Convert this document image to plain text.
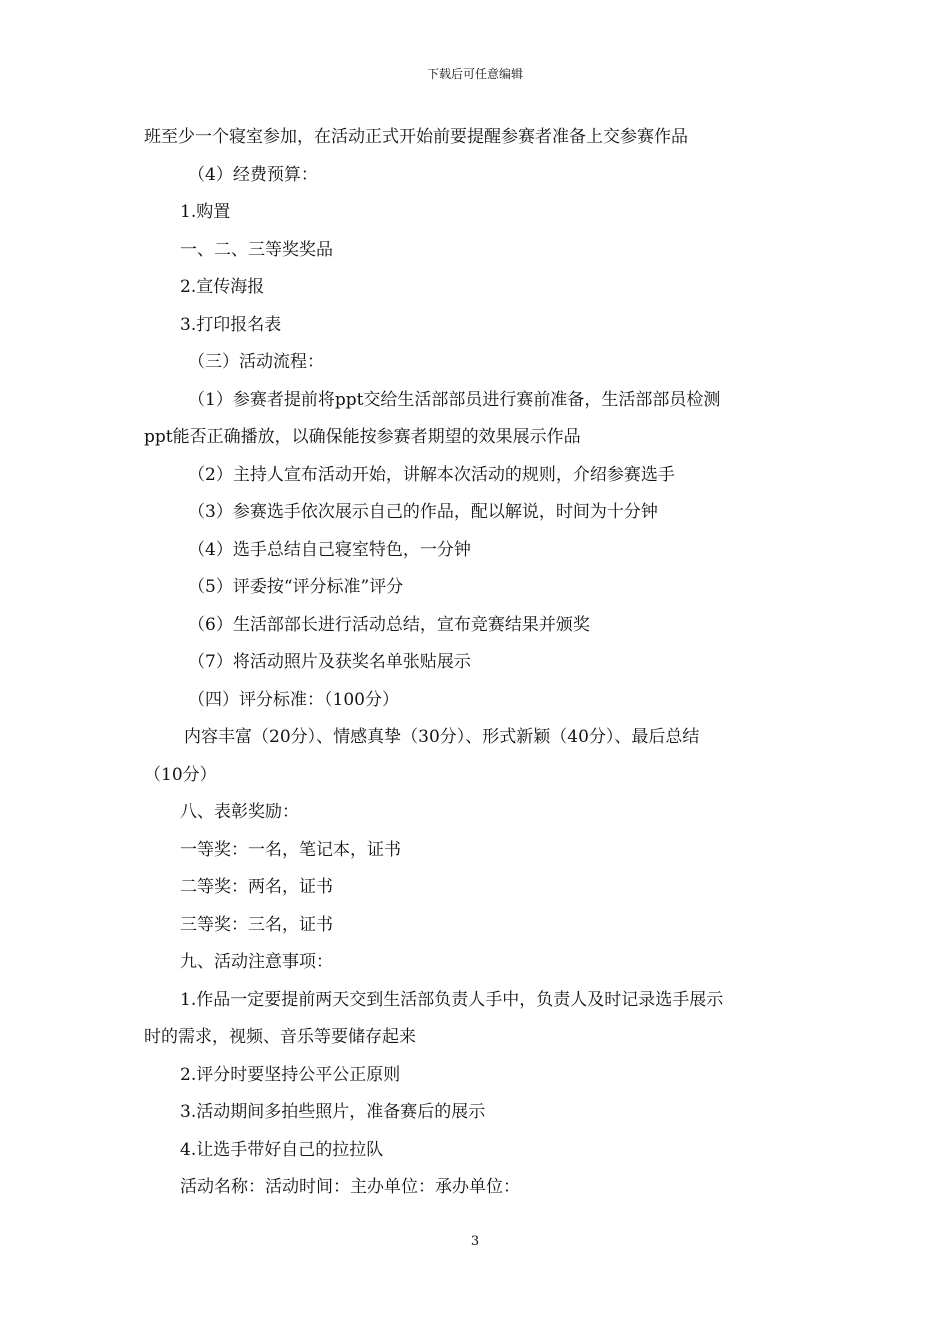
下载后可任意编辑
班至少一个寝室参加，在活动正式开始前要提醒参赛者准备上交参赛作品
（4）经费预算：
1.购置
一、二、三等奖奖品
2.宣传海报
3.打印报名表
（三）活动流程：
（1）参赛者提前将ppt交给生活部部员进行赛前准备，生活部部员检测
ppt能否正确播放，以确保能按参赛者期望的效果展示作品
（2）主持人宣布活动开始，讲解本次活动的规则，介绍参赛选手
（3）参赛选手依次展示自己的作品，配以解说，时间为十分钟
（4）选手总结自己寝室特色，一分钟
（5）评委按“评分标准”评分
（6）生活部部长进行活动总结，宣布竞赛结果并颁奖
（7）将活动照片及获奖名单张贴展示
（四）评分标准：（100分）
内容丰富（20分）、情感真挚（30分）、形式新颖（40分）、最后总结
（10分）
八、表彰奖励：
一等奖：一名，笔记本，证书
二等奖：两名，证书
三等奖：三名，证书
九、活动注意事项：
1.作品一定要提前两天交到生活部负责人手中，负责人及时记录选手展示
时的需求，视频、音乐等要储存起来
2.评分时要坚持公平公正原则
3.活动期间多拍些照片，准备赛后的展示
4.让选手带好自己的拉拉队
活动名称：活动时间：主办单位：承办单位：
3
